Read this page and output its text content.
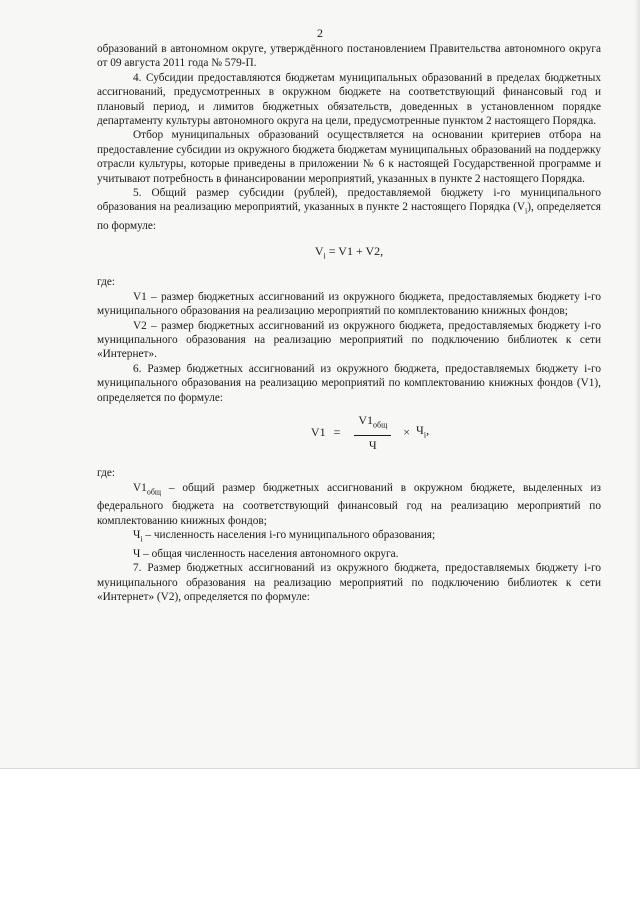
2

образований в автономном округе, утверждённого постановлением Правительства автономного округа от 09 августа 2011 года № 579-П.

4. Субсидии предоставляются бюджетам муниципальных образований в пределах бюджетных ассигнований, предусмотренных в окружном бюджете на соответствующий финансовый год и плановый период, и лимитов бюджетных обязательств, доведенных в установленном порядке департаменту культуры автономного округа на цели, предусмотренные пунктом 2 настоящего Порядка.

Отбор муниципальных образований осуществляется на основании критериев отбора на предоставление субсидии из окружного бюджета бюджетам муниципальных образований на поддержку отрасли культуры, которые приведены в приложении № 6 к настоящей Государственной программе и учитывают потребность в финансировании мероприятий, указанных в пункте 2 настоящего Порядка.

5. Общий размер субсидии (рублей), предоставляемой бюджету i-го муниципального образования на реализацию мероприятий, указанных в пункте 2 настоящего Порядка $(V_i)$, определяется по формуле:

$V_i = V1 + V2$,

где:

V1 – размер бюджетных ассигнований из окружного бюджета, предоставляемых бюджету i-го муниципального образования на реализацию мероприятий по комплектованию книжных фондов;

V2 – размер бюджетных ассигнований из окружного бюджета, предоставляемых бюджету i-го муниципального образования на реализацию мероприятий по подключению библиотек к сети «Интернет».

6. Размер бюджетных ассигнований из окружного бюджета, предоставляемых бюджету i-го муниципального образования на реализацию мероприятий по комплектованию книжных фондов (V1), определяется по формуле:

$V1 = \frac{V1_{общ}}{Ч} \times Ч_i$,

где:

$V1_{общ}$ – общий размер бюджетных ассигнований в окружном бюджете, выделенных из федерального бюджета на соответствующий финансовый год на реализацию мероприятий по комплектованию книжных фондов;

$Ч_i$ – численность населения i-го муниципального образования;

Ч – общая численность населения автономного округа.

7. Размер бюджетных ассигнований из окружного бюджета, предоставляемых бюджету i-го муниципального образования на реализацию мероприятий по подключению библиотек к сети «Интернет» (V2), определяется по формуле:
